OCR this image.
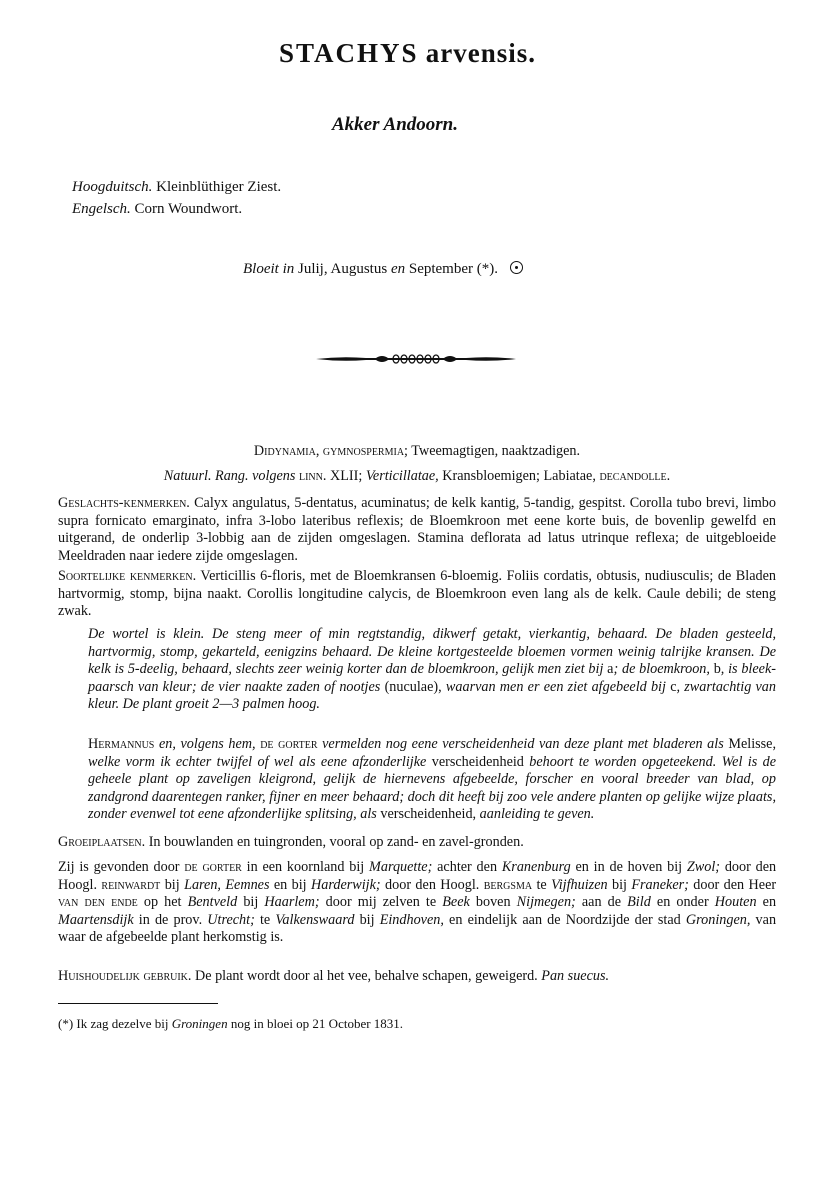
STACHYS arvensis.
Akker Andoorn.
Hoogduitsch. Kleinblüthiger Ziest.
Engelsch. Corn Woundwort.
Bloeit in Julij, Augustus en September (*).
Didynamia, gymnospermia; Tweemagtigen, naaktzadigen.
Natuurl. Rang. volgens linn. XLII; Verticillatae, Kransbloemigen; Labiatae, decandolle.
Geslachts-kenmerken. Calyx angulatus, 5-dentatus, acuminatus; de kelk kantig, 5-tandig, gespitst. Corolla tubo brevi, limbo supra fornicato emarginato, infra 3-lobo lateribus reflexis; de Bloemkroon met eene korte buis, de bovenlip gewelfd en uitgerand, de onderlip 3-lobbig aan de zijden omgeslagen. Stamina deflorata ad latus utrinque reflexa; de uitgebloeide Meeldraden naar iedere zijde omgeslagen.
Soortelijke kenmerken. Verticillis 6-floris, met de Bloemkransen 6-bloemig. Foliis cordatis, obtusis, nudiusculis; de Bladen hartvormig, stomp, bijna naakt. Corollis longitudine calycis, de Bloemkroon even lang als de kelk. Caule debili; de steng zwak.
De wortel is klein. De steng meer of min regtstandig, dikwerf getakt, vierkantig, behaard. De bladen gesteeld, hartvormig, stomp, gekarteld, eenigzins behaard. De kleine kortgesteelde bloemen vormen weinig talrijke kransen. De kelk is 5-deelig, behaard, slechts zeer weinig korter dan de bloemkroon, gelijk men ziet bij a; de bloemkroon, b, is bleek-paarsch van kleur; de vier naakte zaden of nootjes (nuculae), waarvan men er een ziet afgebeeld bij c, zwartachtig van kleur. De plant groeit 2—3 palmen hoog.
Hermannus en, volgens hem, de gorter vermelden nog eene verscheidenheid van deze plant met bladeren als Melisse, welke vorm ik echter twijfel of wel als eene afzonderlijke verscheidenheid behoort te worden opgeteekend. Wel is de geheele plant op zaveligen kleigrond, gelijk de hiernevens afgebeelde, forscher en vooral breeder van blad, op zandgrond daarentegen ranker, fijner en meer behaard; doch dit heeft bij zoo vele andere planten op gelijke wijze plaats, zonder evenwel tot eene afzonderlijke splitsing, als verscheidenheid, aanleiding te geven.
Groeiplaatsen. In bouwlanden en tuingronden, vooral op zand- en zavel-gronden.
Zij is gevonden door de gorter in een koornland bij Marquette; achter den Kranenburg en in de hoven bij Zwol; door den Hoogl. reinwardt bij Laren, Eemnes en bij Harderwijk; door den Hoogl. bergsma te Vijfhuizen bij Franeker; door den Heer van den ende op het Bentveld bij Haarlem; door mij zelven te Beek boven Nijmegen; aan de Bild en onder Houten en Maartensdijk in de prov. Utrecht; te Valkenswaard bij Eindhoven, en eindelijk aan de Noordzijde der stad Groningen, van waar de afgebeelde plant herkomstig is.
Huishoudelijk gebruik. De plant wordt door al het vee, behalve schapen, geweigerd. Pan suecus.
(*) Ik zag dezelve bij Groningen nog in bloei op 21 October 1831.
